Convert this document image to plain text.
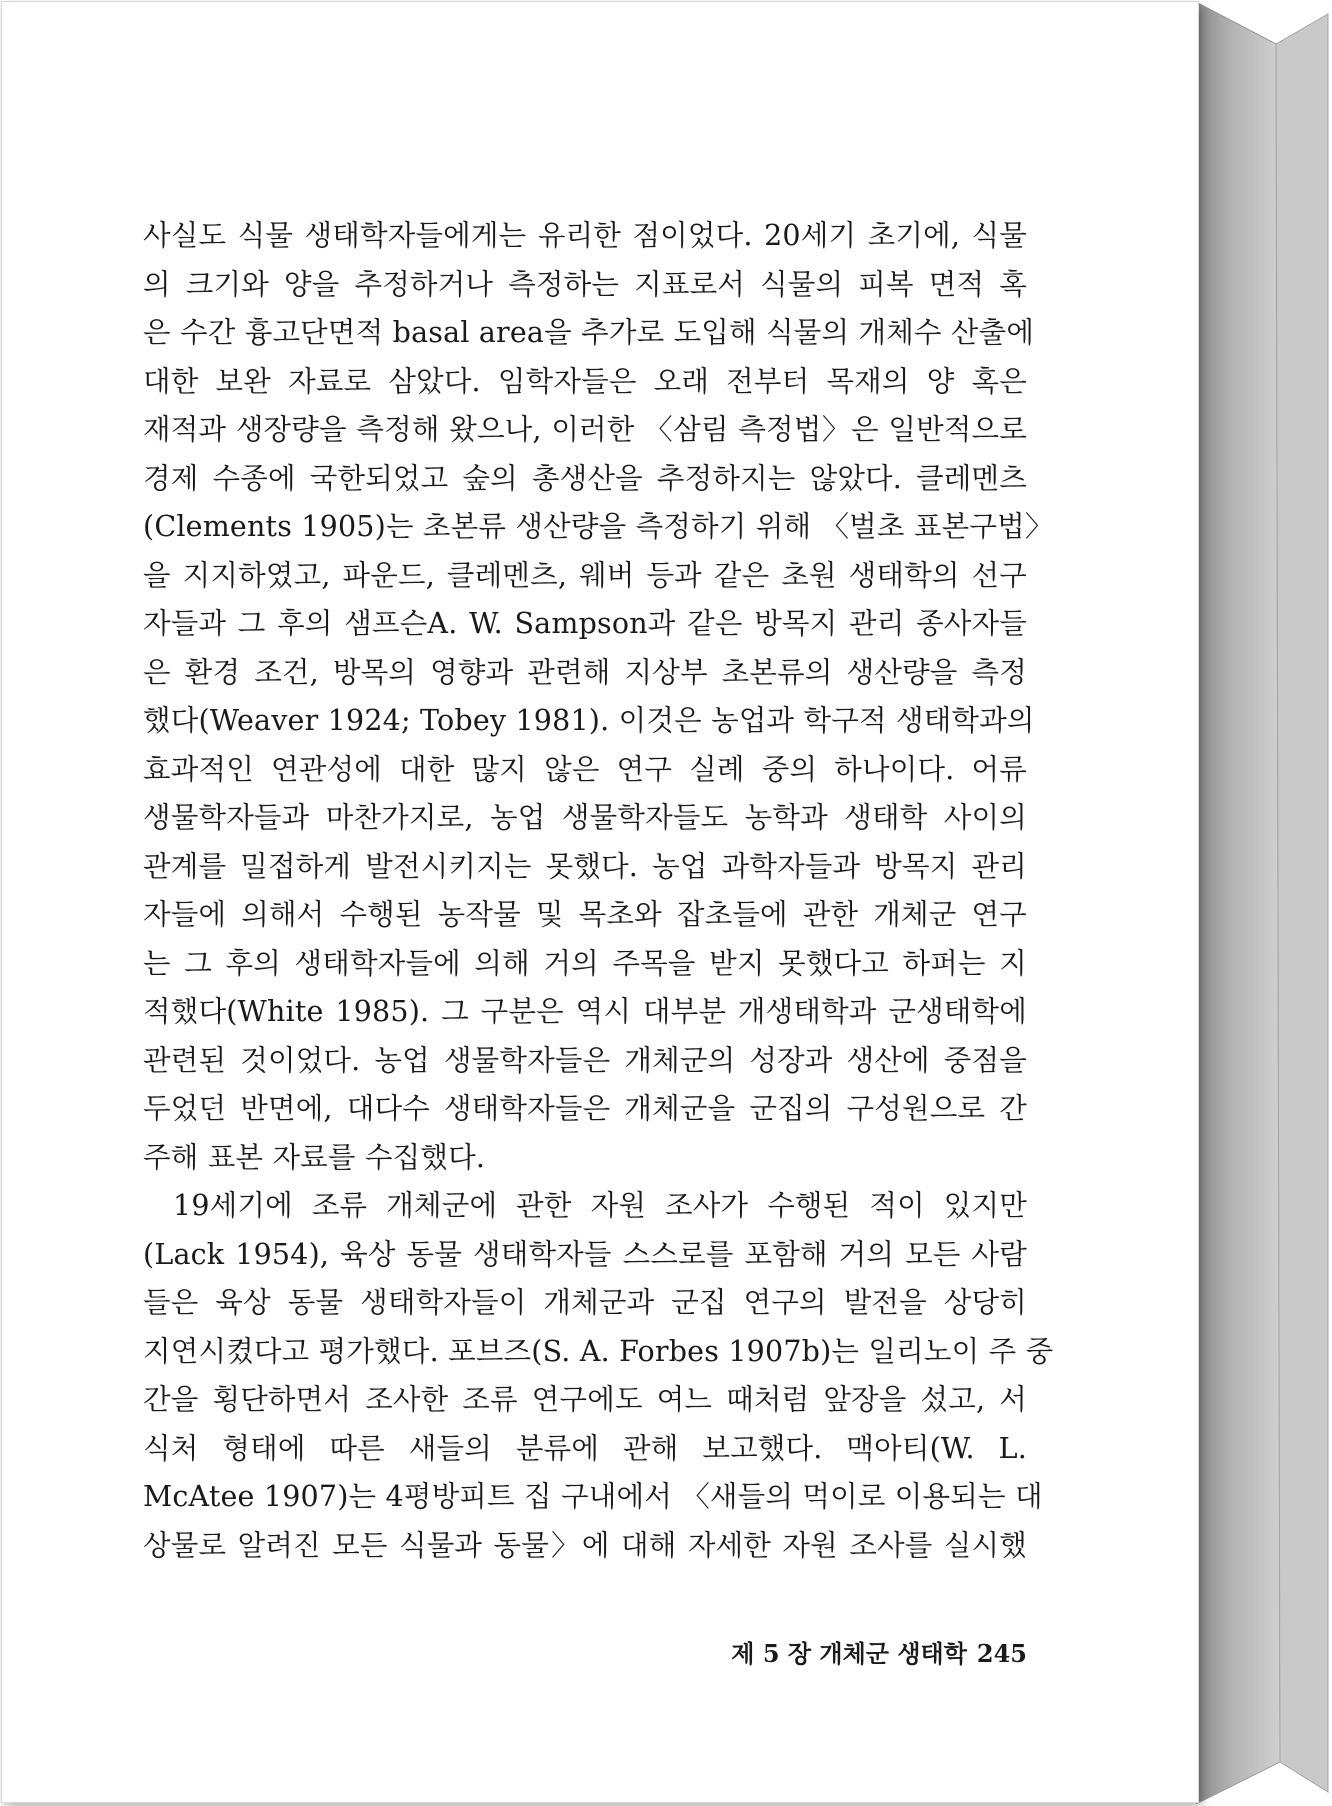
사실도 식물 생태학자들에게는 유리한 점이었다. 20세기 초기에, 식물
의 크기와 양을 추정하거나 측정하는 지표로서 식물의 피복 면적 혹
은 수간 흉고단면적 basal area을 추가로 도입해 식물의 개체수 산출에
대한 보완 자료로 삼았다. 임학자들은 오래 전부터 목재의 양 혹은
재적과 생장량을 측정해 왔으나, 이러한 〈삼림 측정법〉은 일반적으로
경제 수종에 국한되었고 숲의 총생산을 추정하지는 않았다. 클레멘츠
(Clements 1905)는 초본류 생산량을 측정하기 위해 〈벌초 표본구법〉
을 지지하였고, 파운드, 클레멘츠, 웨버 등과 같은 초원 생태학의 선구
자들과 그 후의 샘프슨A. W. Sampson과 같은 방목지 관리 종사자들
은 환경 조건, 방목의 영향과 관련해 지상부 초본류의 생산량을 측정
했다(Weaver 1924; Tobey 1981). 이것은 농업과 학구적 생태학과의
효과적인 연관성에 대한 많지 않은 연구 실례 중의 하나이다. 어류
생물학자들과 마찬가지로, 농업 생물학자들도 농학과 생태학 사이의
관계를 밀접하게 발전시키지는 못했다. 농업 과학자들과 방목지 관리
자들에 의해서 수행된 농작물 및 목초와 잡초들에 관한 개체군 연구
는 그 후의 생태학자들에 의해 거의 주목을 받지 못했다고 하퍼는 지
적했다(White 1985). 그 구분은 역시 대부분 개생태학과 군생태학에
관련된 것이었다. 농업 생물학자들은 개체군의 성장과 생산에 중점을
두었던 반면에, 대다수 생태학자들은 개체군을 군집의 구성원으로 간
주해 표본 자료를 수집했다.
19세기에 조류 개체군에 관한 자원 조사가 수행된 적이 있지만
(Lack 1954), 육상 동물 생태학자들 스스로를 포함해 거의 모든 사람
들은 육상 동물 생태학자들이 개체군과 군집 연구의 발전을 상당히
지연시켰다고 평가했다. 포브즈(S. A. Forbes 1907b)는 일리노이 주 중
간을 횡단하면서 조사한 조류 연구에도 여느 때처럼 앞장을 섰고, 서
식처 형태에 따른 새들의 분류에 관해 보고했다. 맥아티(W. L.
McAtee 1907)는 4평방피트 집 구내에서 〈새들의 먹이로 이용되는 대
상물로 알려진 모든 식물과 동물〉에 대해 자세한 자원 조사를 실시했
제 5 장 개체군 생태학 245
